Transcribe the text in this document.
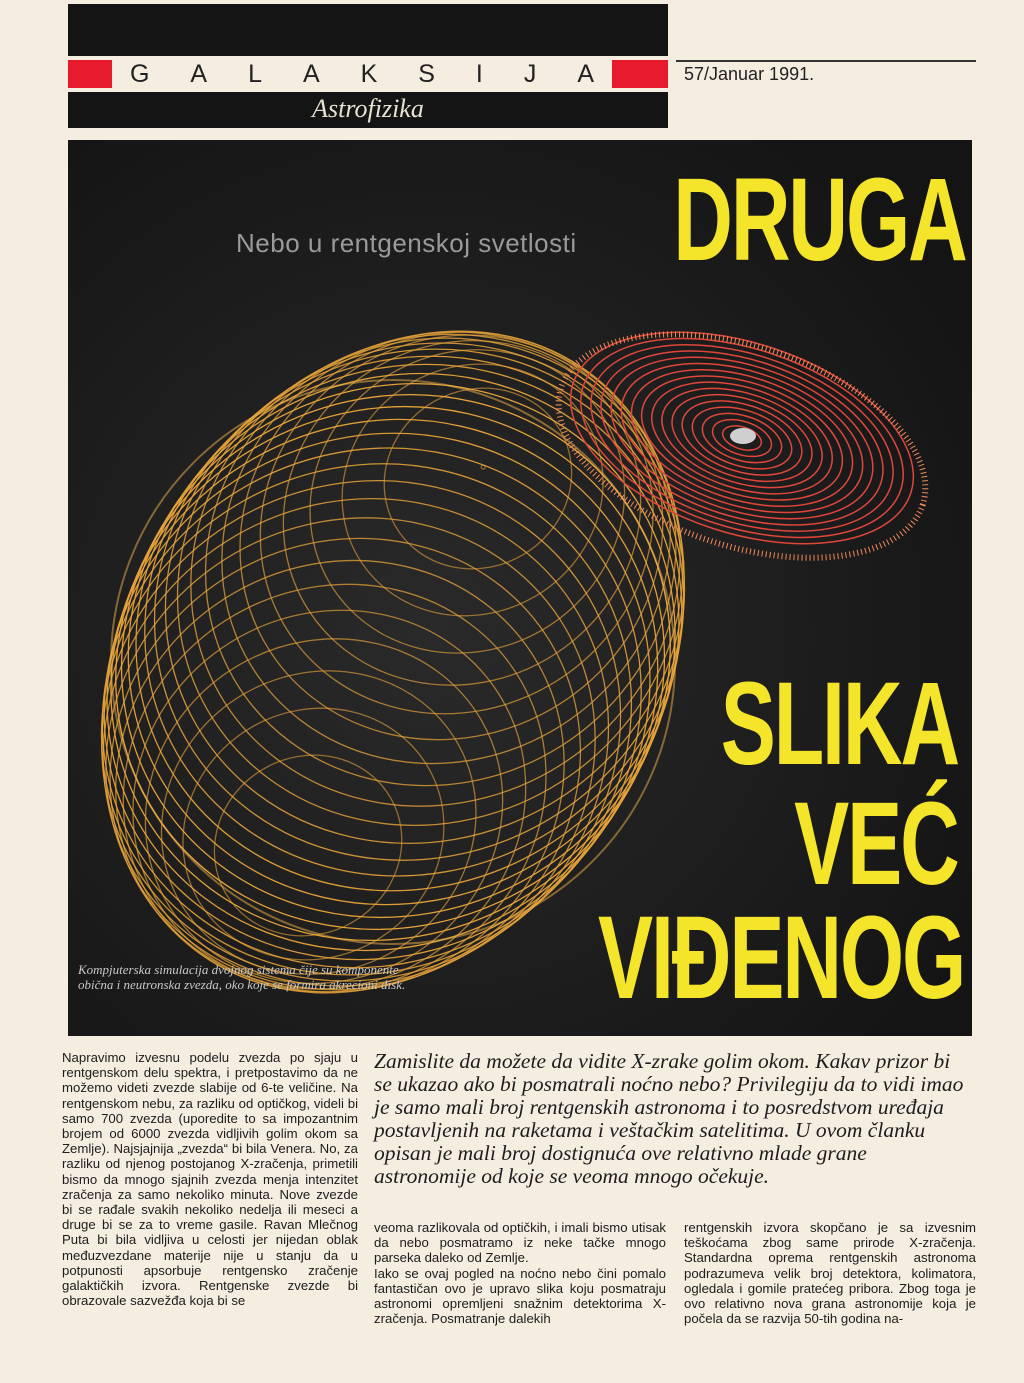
G A L A K S I J A
Astrofizika
57/Januar 1991.
Nebo u rentgenskoj svetlosti DRUGA
SLIKA
VEĆ
VIĐENOG
Kompjuterska simulacija dvojnog sistema čije su komponente obična i neutronska zvezda, oko koje se formira akrecioni disk.
Napravimo izvesnu podelu zvezda po sjaju u rentgenskom delu spektra, i pretpostavimo da ne možemo videti zvezde slabije od 6-te veličine. Na rentgenskom nebu, za razliku od optičkog, videli bi samo 700 zvezda (uporedite to sa impozantnim brojem od 6000 zvezda vidljivih golim okom sa Zemlje). Najsjajnija „zvezda“ bi bila Venera. No, za razliku od njenog postojanog X-zračenja, primetili bismo da mnogo sjajnih zvezda menja intenzitet zračenja za samo nekoliko minuta. Nove zvezde bi se rađale svakih nekoliko nedelja ili meseci a druge bi se za to vreme gasile. Ravan Mlečnog Puta bi bila vidljiva u celosti jer nijedan oblak međuzvezdane materije nije u stanju da u potpunosti apsorbuje rentgensko zračenje galaktičkih izvora. Rentgenske zvezde bi obrazovale sazvežđa koja bi se
Zamislite da možete da vidite X-zrake golim okom. Kakav prizor bi se ukazao ako bi posmatrali noćno nebo? Privilegiju da to vidi imao je samo mali broj rentgenskih astronoma i to posredstvom uređaja postavljenih na raketama i veštačkim satelitima. U ovom članku opisan je mali broj dostignuća ove relativno mlade grane astronomije od koje se veoma mnogo očekuje.
veoma razlikovala od optičkih, i imali bismo utisak da nebo posmatramo iz neke tačke mnogo parseka daleko od Zemlje.
Iako se ovaj pogled na noćno nebo čini pomalo fantastičan ovo je upravo slika koju posmatraju astronomi opremljeni snažnim detektorima X-zračenja. Posmatranje dalekih
rentgenskih izvora skopčano je sa izvesnim teškoćama zbog same prirode X-zračenja. Standardna oprema rentgenskih astronoma podrazumeva velik broj detektora, kolimatora, ogledala i gomile pratećeg pribora. Zbog toga je ovo relativno nova grana astronomije koja je počela da se razvija 50-tih godina na-
